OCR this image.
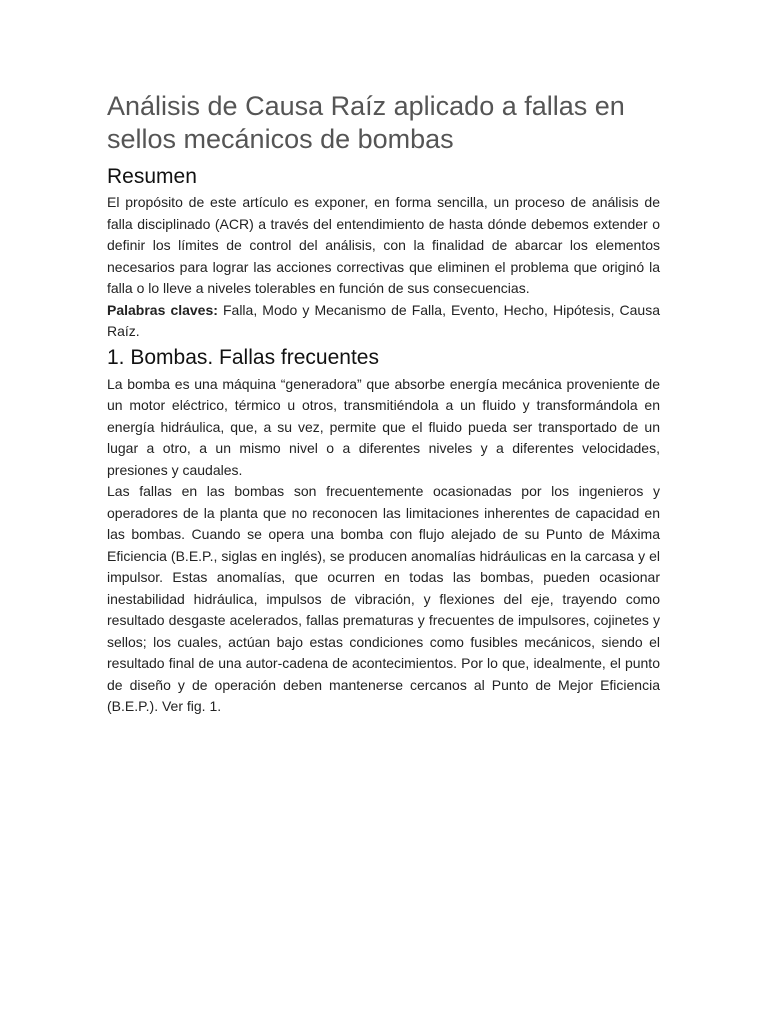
Análisis de Causa Raíz aplicado a fallas en sellos mecánicos de bombas
Resumen

El propósito de este artículo es exponer, en forma sencilla, un proceso de análisis de falla disciplinado (ACR) a través del entendimiento de hasta dónde debemos extender o definir los límites de control del análisis, con la finalidad de abarcar los elementos necesarios para lograr las acciones correctivas que eliminen el problema que originó la falla o lo lleve a niveles tolerables en función de sus consecuencias.

Palabras claves: Falla, Modo y Mecanismo de Falla, Evento, Hecho, Hipótesis, Causa Raíz.

1. Bombas. Fallas frecuentes

La bomba es una máquina “generadora” que absorbe energía mecánica proveniente de un motor eléctrico, térmico u otros, transmitiéndola a un fluido y transformándola en energía hidráulica, que, a su vez, permite que el fluido pueda ser transportado de un lugar a otro, a un mismo nivel o a diferentes niveles y a diferentes velocidades, presiones y caudales.

Las fallas en las bombas son frecuentemente ocasionadas por los ingenieros y operadores de la planta que no reconocen las limitaciones inherentes de capacidad en las bombas. Cuando se opera una bomba con flujo alejado de su Punto de Máxima Eficiencia (B.E.P., siglas en inglés), se producen anomalías hidráulicas en la carcasa y el impulsor. Estas anomalías, que ocurren en todas las bombas, pueden ocasionar inestabilidad hidráulica, impulsos de vibración, y flexiones del eje, trayendo como resultado desgaste acelerados, fallas prematuras y frecuentes de impulsores, cojinetes y sellos; los cuales, actúan bajo estas condiciones como fusibles mecánicos, siendo el resultado final de una autor-cadena de acontecimientos. Por lo que, idealmente, el punto de diseño y de operación deben mantenerse cercanos al Punto de Mejor Eficiencia (B.E.P.). Ver fig. 1.
